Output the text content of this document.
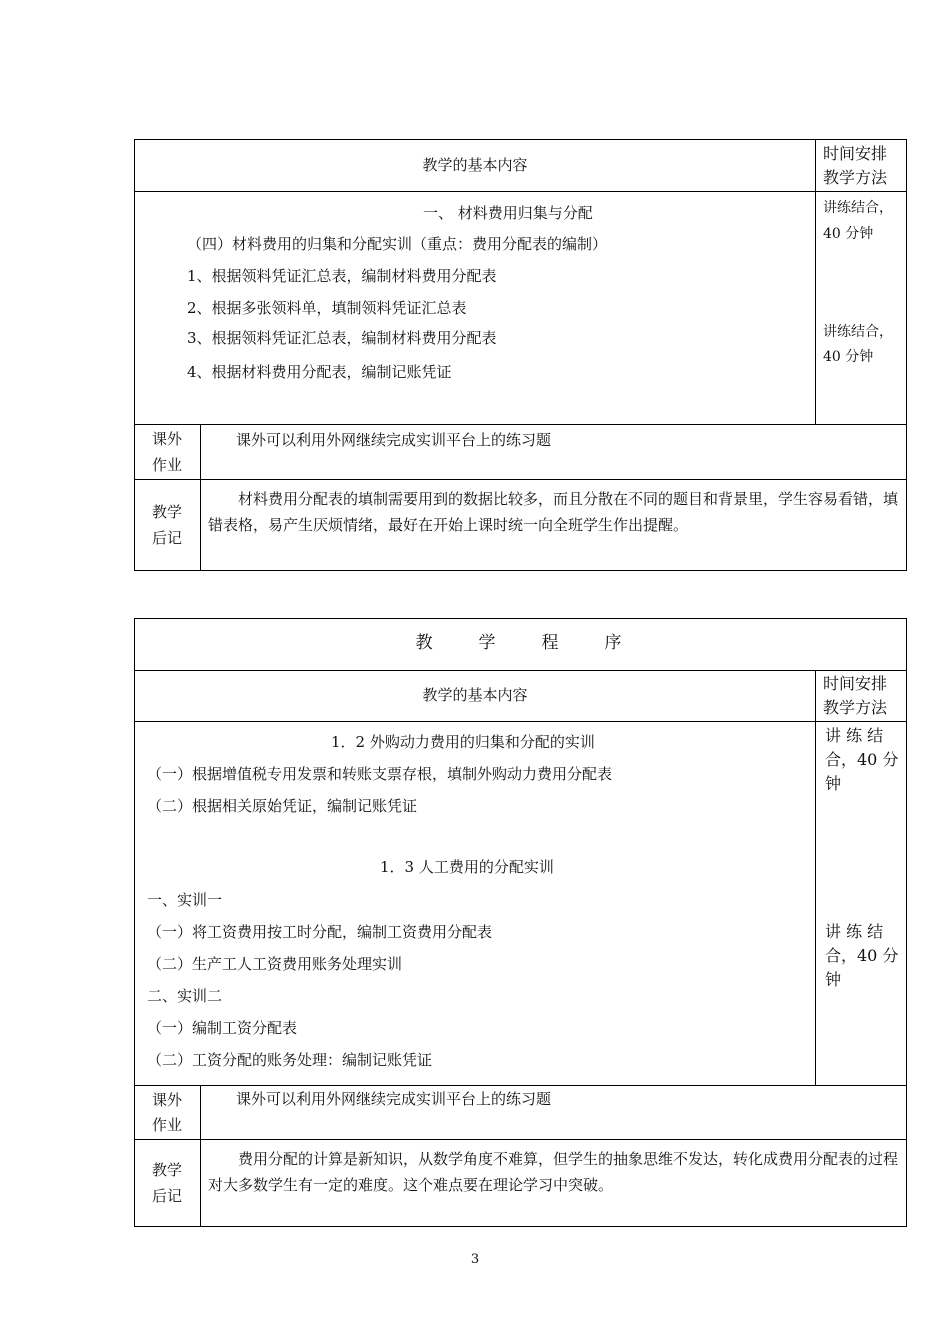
教学的基本内容
时间安排
教学方法
一、 材料费用归集与分配
（四）材料费用的归集和分配实训（重点：费用分配表的编制）
1、根据领料凭证汇总表，编制材料费用分配表
2、根据多张领料单，填制领料凭证汇总表
3、根据领料凭证汇总表，编制材料费用分配表
4、根据材料费用分配表，编制记账凭证
讲练结合，
40 分钟
讲练结合，
40 分钟
课外
作业
课外可以利用外网继续完成实训平台上的练习题
教学
后记
材料费用分配表的填制需要用到的数据比较多，而且分散在不同的题目和背景里，学生容易看错，填错表格，易产生厌烦情绪，最好在开始上课时统一向全班学生作出提醒。
教　　学　　程　　序
教学的基本内容
时间安排
教学方法
1．2 外购动力费用的归集和分配的实训
（一）根据增值税专用发票和转账支票存根，填制外购动力费用分配表
（二）根据相关原始凭证，编制记账凭证
1．3 人工费用的分配实训
一、实训一
（一）将工资费用按工时分配，编制工资费用分配表
（二）生产工人工资费用账务处理实训
二、实训二
（一）编制工资分配表
（二）工资分配的账务处理：编制记账凭证
讲 练 结
合，40 分
钟
讲 练 结
合，40 分
钟
课外
作业
课外可以利用外网继续完成实训平台上的练习题
教学
后记
费用分配的计算是新知识，从数学角度不难算，但学生的抽象思维不发达，转化成费用分配表的过程对大多数学生有一定的难度。这个难点要在理论学习中突破。
3
